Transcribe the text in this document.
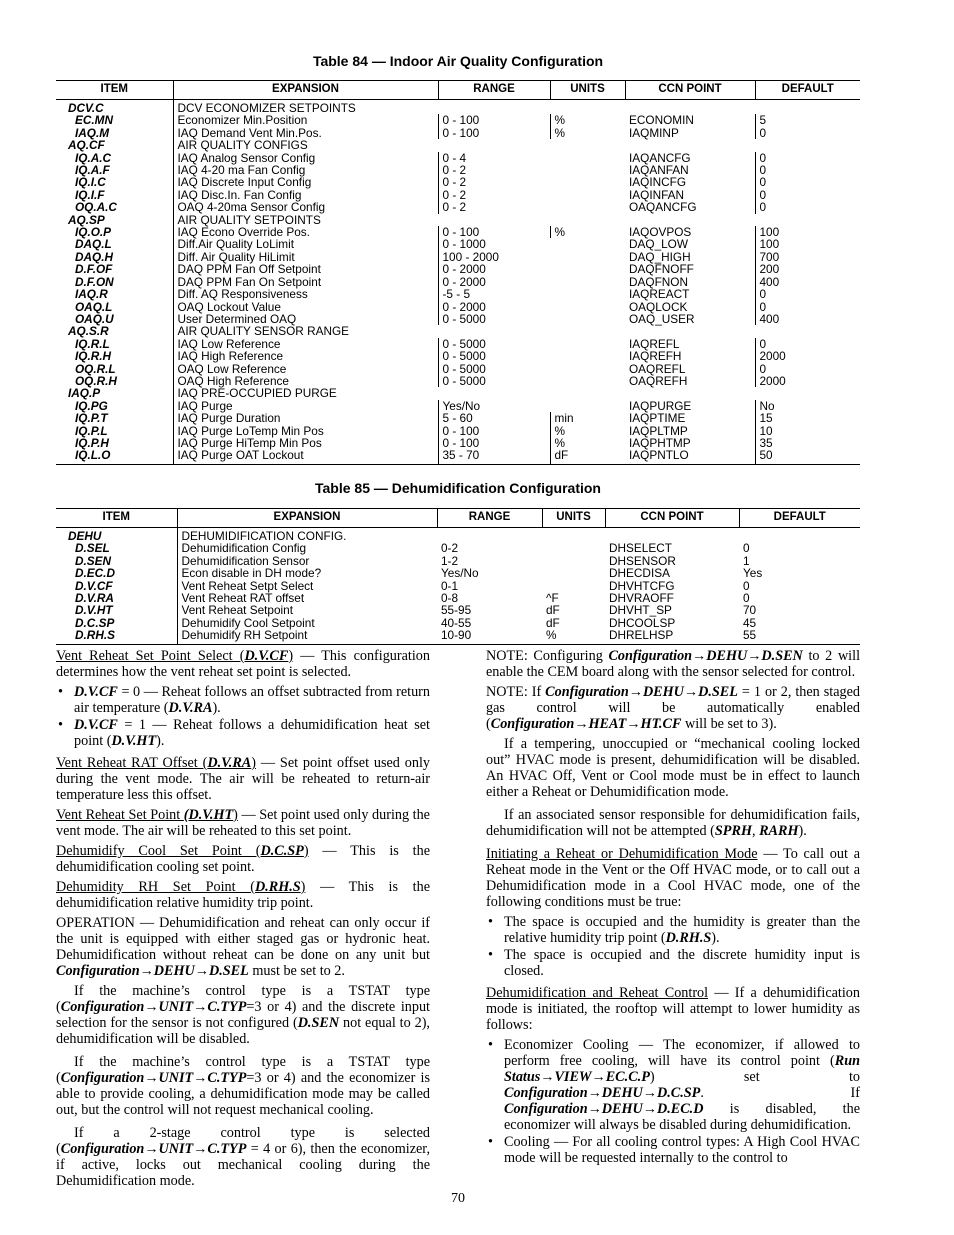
Table 84 — Indoor Air Quality Configuration
ITEM	EXPANSION	RANGE	UNITS	CCN POINT	DEFAULT
DCV.C	DCV ECONOMIZER SETPOINTS				
EC.MN	Economizer Min.Position	0 - 100	%	ECONOMIN	5
IAQ.M	IAQ Demand Vent Min.Pos.	0 - 100	%	IAQMINP	0
AQ.CF	AIR QUALITY CONFIGS				
IQ.A.C	IAQ Analog Sensor Config	0 - 4		IAQANCFG	0
IQ.A.F	IAQ 4-20 ma Fan Config	0 - 2		IAQANFAN	0
IQ.I.C	IAQ Discrete Input Config	0 - 2		IAQINCFG	0
IQ.I.F	IAQ Disc.In. Fan Config	0 - 2		IAQINFAN	0
OQ.A.C	OAQ 4-20ma Sensor Config	0 - 2		OAQANCFG	0
AQ.SP	AIR QUALITY SETPOINTS				
IQ.O.P	IAQ Econo Override Pos.	0 - 100	%	IAQOVPOS	100
DAQ.L	Diff.Air Quality LoLimit	0 - 1000		DAQ_LOW	100
DAQ.H	Diff. Air Quality HiLimit	100 - 2000		DAQ_HIGH	700
D.F.OF	DAQ PPM Fan Off Setpoint	0 - 2000		DAQFNOFF	200
D.F.ON	DAQ PPM Fan On Setpoint	0 - 2000		DAQFNON	400
IAQ.R	Diff. AQ Responsiveness	-5 - 5		IAQREACT	0
OAQ.L	OAQ Lockout Value	0 - 2000		OAQLOCK	0
OAQ.U	User Determined OAQ	0 - 5000		OAQ_USER	400
AQ.S.R	AIR QUALITY SENSOR RANGE				
IQ.R.L	IAQ Low Reference	0 - 5000		IAQREFL	0
IQ.R.H	IAQ High Reference	0 - 5000		IAQREFH	2000
OQ.R.L	OAQ Low Reference	0 - 5000		OAQREFL	0
OQ.R.H	OAQ High Reference	0 - 5000		OAQREFH	2000
IAQ.P	IAQ PRE-OCCUPIED PURGE				
IQ.PG	IAQ Purge	Yes/No		IAQPURGE	No
IQ.P.T	IAQ Purge Duration	5 - 60	min	IAQPTIME	15
IQ.P.L	IAQ Purge LoTemp Min Pos	0 - 100	%	IAQPLTMP	10
IQ.P.H	IAQ Purge HiTemp Min Pos	0 - 100	%	IAQPHTMP	35
IQ.L.O	IAQ Purge OAT Lockout	35 - 70	dF	IAQPNTLO	50
Table 85 — Dehumidification Configuration
ITEM	EXPANSION	RANGE	UNITS	CCN POINT	DEFAULT
DEHU	DEHUMIDIFICATION CONFIG.				
D.SEL	Dehumidification Config	0-2		DHSELECT	0
D.SEN	Dehumidification Sensor	1-2		DHSENSOR	1
D.EC.D	Econ disable in DH mode?	Yes/No		DHECDISA	Yes
D.V.CF	Vent Reheat Setpt Select	0-1		DHVHTCFG	0
D.V.RA	Vent Reheat RAT offset	0-8	^F	DHVRAOFF	0
D.V.HT	Vent Reheat Setpoint	55-95	dF	DHVHT_SP	70
D.C.SP	Dehumidify Cool Setpoint	40-55	dF	DHCOOLSP	45
D.RH.S	Dehumidify RH Setpoint	10-90	%	DHRELHSP	55

Vent Reheat Set Point Select (D.V.CF) — This configuration determines how the vent reheat set point is selected.

• D.V.CF = 0 — Reheat follows an offset subtracted from return air temperature (D.V.RA).
• D.V.CF = 1 — Reheat follows a dehumidification heat set point (D.V.HT).

Vent Reheat RAT Offset (D.V.RA) — Set point offset used only during the vent mode. The air will be reheated to return-air temperature less this offset.

Vent Reheat Set Point (D.V.HT) — Set point used only during the vent mode. The air will be reheated to this set point.

Dehumidify Cool Set Point (D.C.SP) — This is the dehumidification cooling set point.

Dehumidity RH Set Point (D.RH.S) — This is the dehumidification relative humidity trip point.

OPERATION — Dehumidification and reheat can only occur if the unit is equipped with either staged gas or hydronic heat. Dehumidification without reheat can be done on any unit but Configuration→DEHU→D.SEL must be set to 2.

If the machine’s control type is a TSTAT type (Configuration→UNIT→C.TYP=3 or 4) and the discrete input selection for the sensor is not configured (D.SEN not equal to 2), dehumidification will be disabled.

If the machine’s control type is a TSTAT type (Configuration→UNIT→C.TYP=3 or 4) and the economizer is able to provide cooling, a dehumidification mode may be called out, but the control will not request mechanical cooling.

If a 2-stage control type is selected (Configuration→UNIT→C.TYP = 4 or 6), then the economizer, if active, locks out mechanical cooling during the Dehumidification mode.

NOTE: Configuring Configuration→DEHU→D.SEN to 2 will enable the CEM board along with the sensor selected for control.

NOTE: If Configuration→DEHU→D.SEL = 1 or 2, then staged gas control will be automatically enabled (Configuration→HEAT→HT.CF will be set to 3).

If a tempering, unoccupied or “mechanical cooling locked out” HVAC mode is present, dehumidification will be disabled. An HVAC Off, Vent or Cool mode must be in effect to launch either a Reheat or Dehumidification mode.

If an associated sensor responsible for dehumidification fails, dehumidification will not be attempted (SPRH, RARH).

Initiating a Reheat or Dehumidification Mode — To call out a Reheat mode in the Vent or the Off HVAC mode, or to call out a Dehumidification mode in a Cool HVAC mode, one of the following conditions must be true:

• The space is occupied and the humidity is greater than the relative humidity trip point (D.RH.S).
• The space is occupied and the discrete humidity input is closed.

Dehumidification and Reheat Control — If a dehumidification mode is initiated, the rooftop will attempt to lower humidity as follows:

• Economizer Cooling — The economizer, if allowed to perform free cooling, will have its control point (Run Status→VIEW→EC.C.P) set to Configuration→DEHU→D.C.SP. If Configuration→DEHU→D.EC.D is disabled, the economizer will always be disabled during dehumidification.
• Cooling — For all cooling control types: A High Cool HVAC mode will be requested internally to the control to
70
